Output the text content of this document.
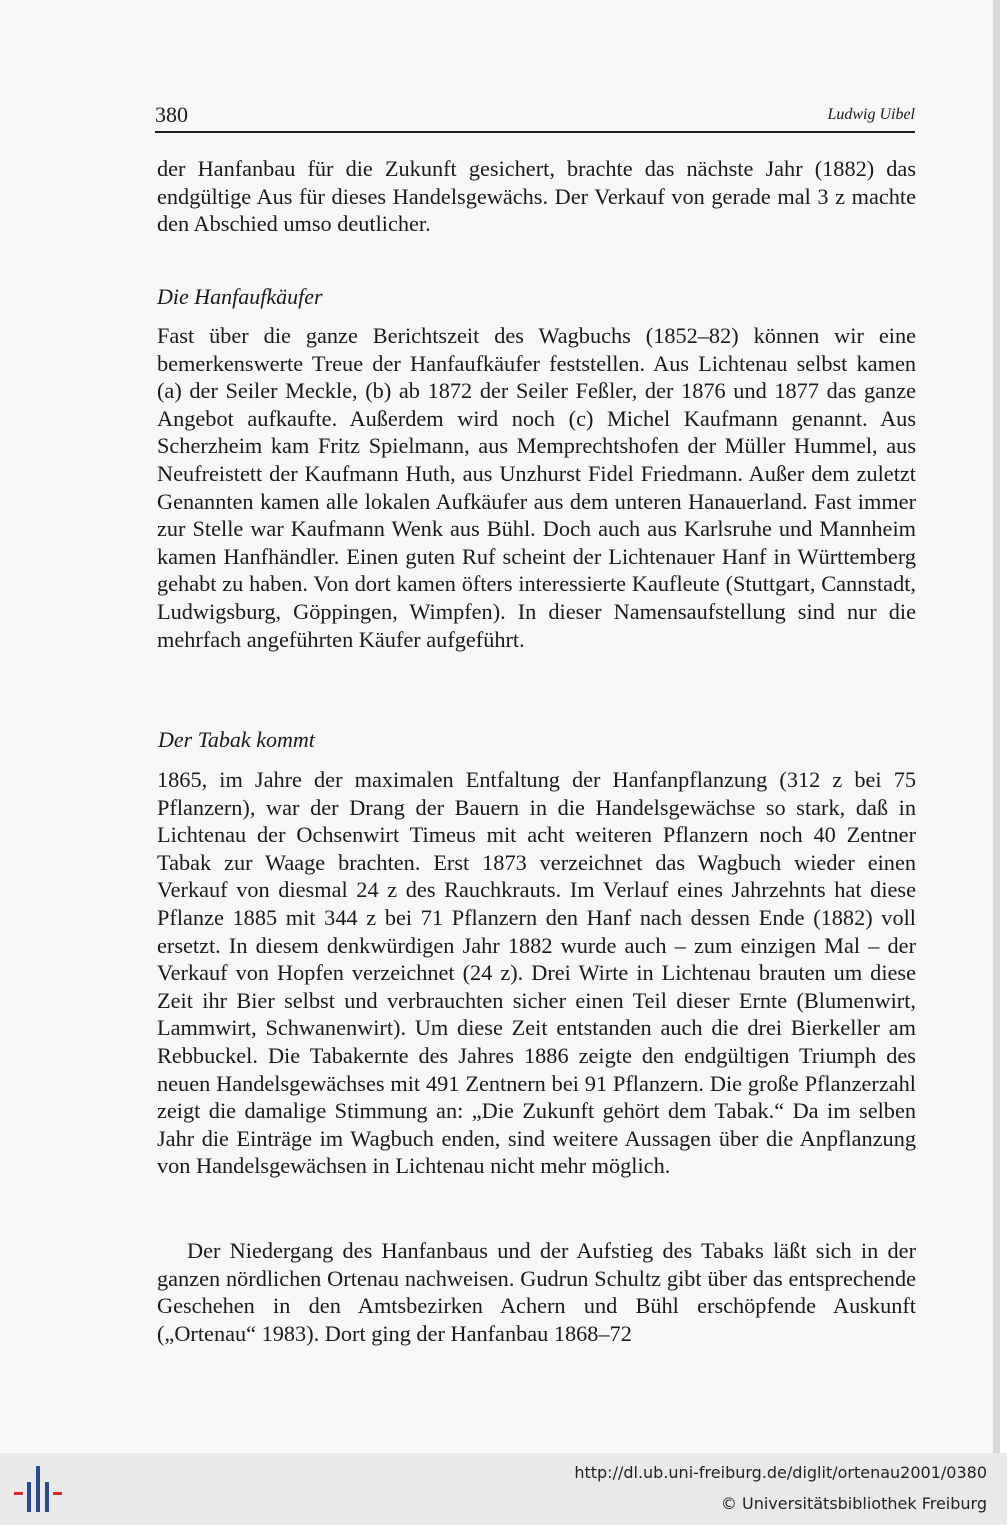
380	Ludwig Uibel

der Hanfanbau für die Zukunft gesichert, brachte das nächste Jahr (1882) das endgültige Aus für dieses Handelsgewächs. Der Verkauf von gerade mal 3 z machte den Abschied umso deutlicher.

Die Hanfaufkäufer

Fast über die ganze Berichtszeit des Wagbuchs (1852–82) können wir eine bemerkenswerte Treue der Hanfaufkäufer feststellen. Aus Lichtenau selbst kamen (a) der Seiler Meckle, (b) ab 1872 der Seiler Feßler, der 1876 und 1877 das ganze Angebot aufkaufte. Außerdem wird noch (c) Michel Kaufmann genannt. Aus Scherzheim kam Fritz Spielmann, aus Memprechtshofen der Müller Hummel, aus Neufreistett der Kaufmann Huth, aus Unzhurst Fidel Friedmann. Außer dem zuletzt Genannten kamen alle lokalen Aufkäufer aus dem unteren Hanauerland. Fast immer zur Stelle war Kaufmann Wenk aus Bühl. Doch auch aus Karlsruhe und Mannheim kamen Hanfhändler. Einen guten Ruf scheint der Lichtenauer Hanf in Württemberg gehabt zu haben. Von dort kamen öfters interessierte Kaufleute (Stuttgart, Cannstadt, Ludwigsburg, Göppingen, Wimpfen). In dieser Namensaufstellung sind nur die mehrfach angeführten Käufer aufgeführt.

Der Tabak kommt

1865, im Jahre der maximalen Entfaltung der Hanfanpflanzung (312 z bei 75 Pflanzern), war der Drang der Bauern in die Handelsgewächse so stark, daß in Lichtenau der Ochsenwirt Timeus mit acht weiteren Pflanzern noch 40 Zentner Tabak zur Waage brachten. Erst 1873 verzeichnet das Wagbuch wieder einen Verkauf von diesmal 24 z des Rauchkrauts. Im Verlauf eines Jahrzehnts hat diese Pflanze 1885 mit 344 z bei 71 Pflanzern den Hanf nach dessen Ende (1882) voll ersetzt. In diesem denkwürdigen Jahr 1882 wurde auch – zum einzigen Mal – der Verkauf von Hopfen verzeichnet (24 z). Drei Wirte in Lichtenau brauten um diese Zeit ihr Bier selbst und verbrauchten sicher einen Teil dieser Ernte (Blumenwirt, Lammwirt, Schwanenwirt). Um diese Zeit entstanden auch die drei Bierkeller am Rebbuckel. Die Tabakernte des Jahres 1886 zeigte den endgültigen Triumph des neuen Handelsgewächses mit 491 Zentnern bei 91 Pflanzern. Die große Pflanzerzahl zeigt die damalige Stimmung an: „Die Zukunft gehört dem Tabak.“ Da im selben Jahr die Einträge im Wagbuch enden, sind weitere Aussagen über die Anpflanzung von Handelsgewächsen in Lichtenau nicht mehr möglich.

Der Niedergang des Hanfanbaus und der Aufstieg des Tabaks läßt sich in der ganzen nördlichen Ortenau nachweisen. Gudrun Schultz gibt über das entsprechende Geschehen in den Amtsbezirken Achern und Bühl erschöpfende Auskunft („Ortenau“ 1983). Dort ging der Hanfanbau 1868–72

http://dl.ub.uni-freiburg.de/diglit/ortenau2001/0380
© Universitätsbibliothek Freiburg
